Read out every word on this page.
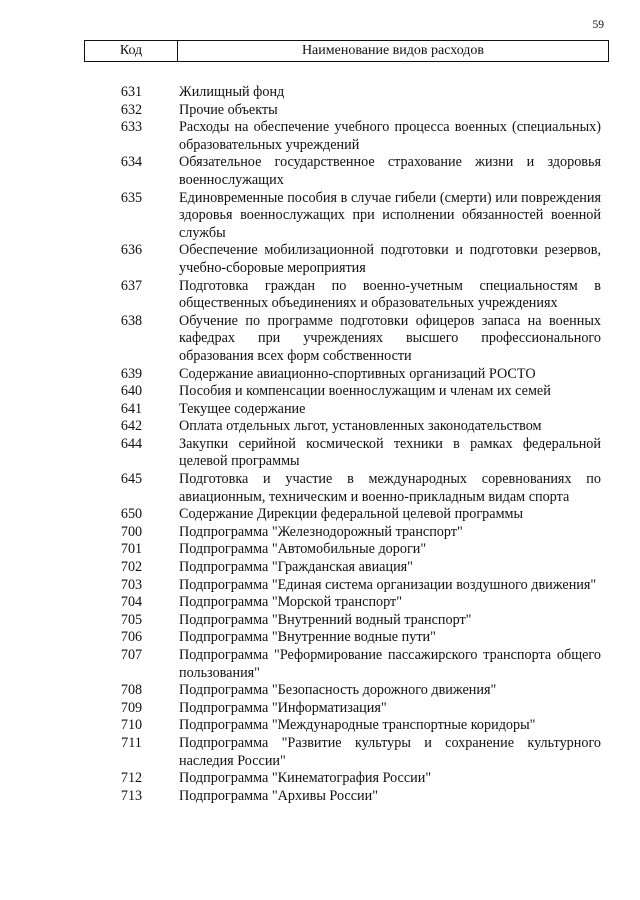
59
Код	Наименование видов расходов
631	Жилищный фонд
632	Прочие объекты
633	Расходы на обеспечение учебного процесса военных (специальных) образовательных учреждений
634	Обязательное государственное страхование жизни и здоровья военнослужащих
635	Единовременные пособия в случае гибели (смерти) или повреждения здоровья военнослужащих при исполнении обязанностей военной службы
636	Обеспечение мобилизационной подготовки и подготовки резервов, учебно-сборовые мероприятия
637	Подготовка граждан по военно-учетным специальностям в общественных объединениях и образовательных учреждениях
638	Обучение по программе подготовки офицеров запаса на военных кафедрах при учреждениях высшего профессионального образования всех форм собственности
639	Содержание авиационно-спортивных организаций РОСТО
640	Пособия и компенсации военнослужащим и членам их семей
641	Текущее содержание
642	Оплата отдельных льгот, установленных законодательством
644	Закупки серийной космической техники в рамках федеральной целевой программы
645	Подготовка и участие в международных соревнованиях по авиационным, техническим и военно-прикладным видам спорта
650	Содержание Дирекции федеральной целевой программы
700	Подпрограмма "Железнодорожный транспорт"
701	Подпрограмма "Автомобильные дороги"
702	Подпрограмма "Гражданская авиация"
703	Подпрограмма "Единая система организации воздушного движения"
704	Подпрограмма "Морской транспорт"
705	Подпрограмма "Внутренний водный транспорт"
706	Подпрограмма "Внутренние водные пути"
707	Подпрограмма "Реформирование пассажирского транспорта общего пользования"
708	Подпрограмма "Безопасность дорожного движения"
709	Подпрограмма "Информатизация"
710	Подпрограмма "Международные транспортные коридоры"
711	Подпрограмма "Развитие культуры и сохранение культурного наследия России"
712	Подпрограмма "Кинематография России"
713	Подпрограмма "Архивы России"
